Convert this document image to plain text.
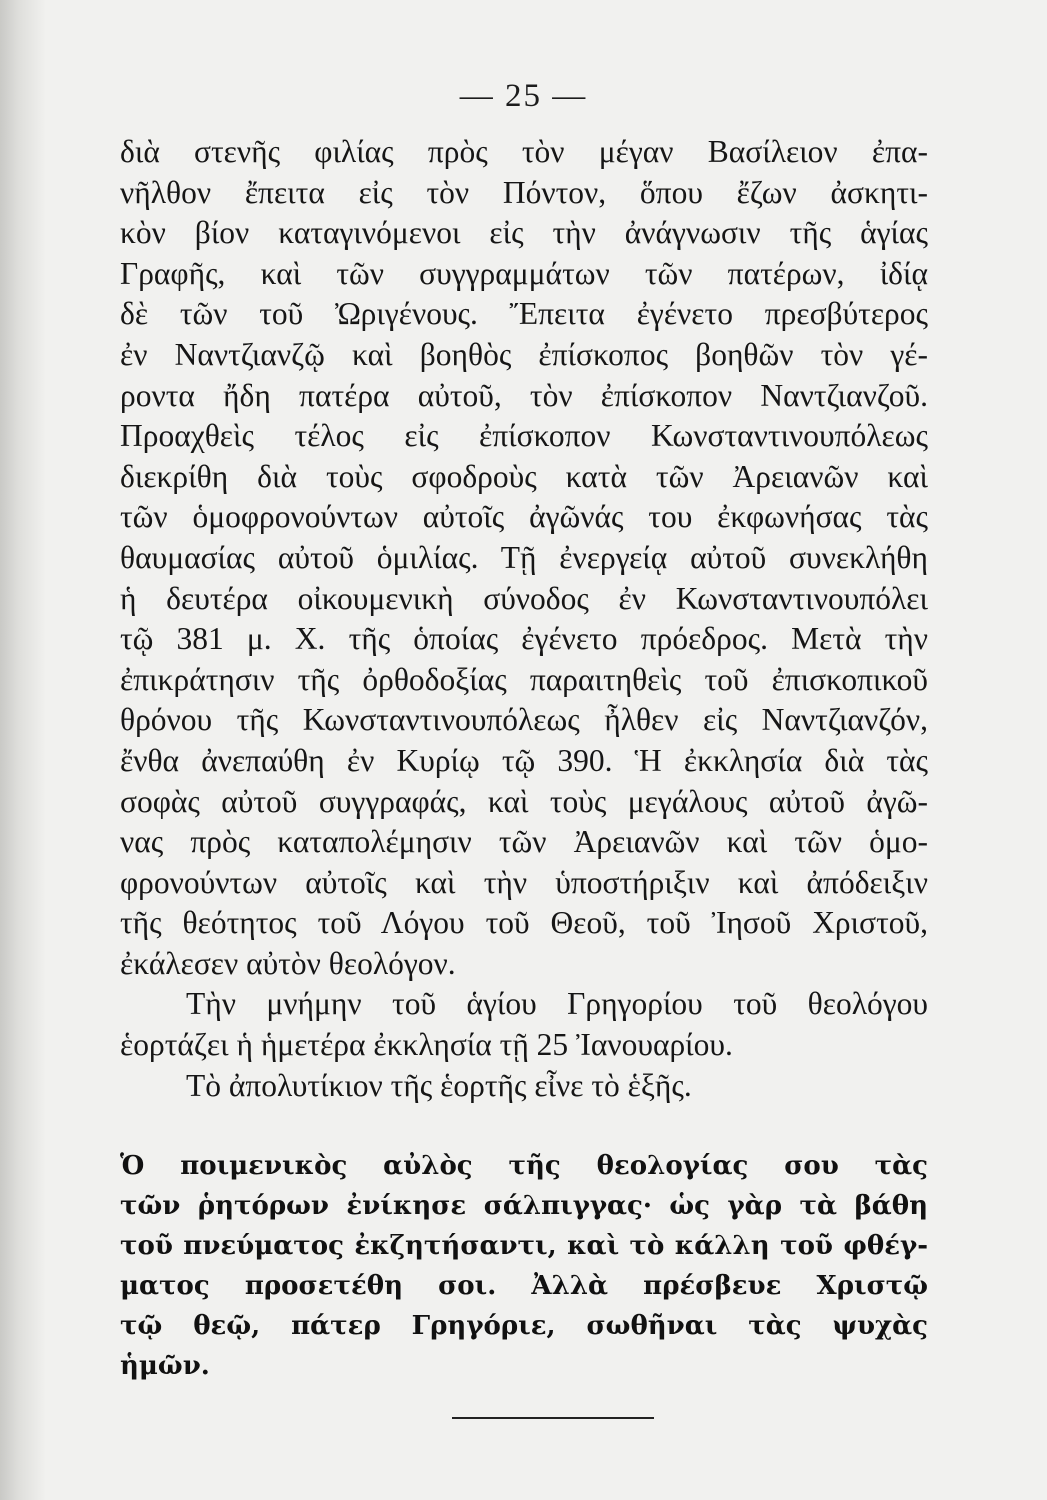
— 25 —
διὰ στενῆς φιλίας πρὸς τὸν μέγαν Βασίλειον ἐπα-
νῆλθον ἔπειτα εἰς τὸν Πόντον, ὅπου ἔζων ἀσκητι-
κὸν βίον καταγινόμενοι εἰς τὴν ἀνάγνωσιν τῆς ἁγίας
Γραφῆς, καὶ τῶν συγγραμμάτων τῶν πατέρων, ἰδίᾳ
δὲ τῶν τοῦ Ὠριγένους. Ἔπειτα ἐγένετο πρεσβύτερος
ἐν Ναντζιανζῷ καὶ βοηθὸς ἐπίσκοπος βοηθῶν τὸν γέ-
ροντα ἤδη πατέρα αὐτοῦ, τὸν ἐπίσκοπον Ναντζιανζοῦ.
Προαχθεὶς τέλος εἰς ἐπίσκοπον Κωνσταντινουπόλεως
διεκρίθη διὰ τοὺς σφοδροὺς κατὰ τῶν Ἀρειανῶν καὶ
τῶν ὁμοφρονούντων αὐτοῖς ἀγῶνάς του ἐκφωνήσας τὰς
θαυμασίας αὐτοῦ ὁμιλίας. Τῇ ἐνεργείᾳ αὐτοῦ συνεκλήθη
ἡ δευτέρα οἰκουμενικὴ σύνοδος ἐν Κωνσταντινουπόλει
τῷ 381 μ. Χ. τῆς ὁποίας ἐγένετο πρόεδρος. Μετὰ τὴν
ἐπικράτησιν τῆς ὀρθοδοξίας παραιτηθεὶς τοῦ ἐπισκοπικοῦ
θρόνου τῆς Κωνσταντινουπόλεως ἦλθεν εἰς Ναντζιανζόν,
ἔνθα ἀνεπαύθη ἐν Κυρίῳ τῷ 390. Ἡ ἐκκλησία διὰ τὰς
σοφὰς αὐτοῦ συγγραφάς, καὶ τοὺς μεγάλους αὐτοῦ ἀγῶ-
νας πρὸς καταπολέμησιν τῶν Ἀρειανῶν καὶ τῶν ὁμο-
φρονούντων αὐτοῖς καὶ τὴν ὑποστήριξιν καὶ ἀπόδειξιν
τῆς θεότητος τοῦ Λόγου τοῦ Θεοῦ, τοῦ Ἰησοῦ Χριστοῦ,
ἐκάλεσεν αὐτὸν θεολόγον.
Τὴν μνήμην τοῦ ἁγίου Γρηγορίου τοῦ θεολόγου
ἑορτάζει ἡ ἡμετέρα ἐκκλησία τῇ 25 Ἰανουαρίου.
Τὸ ἀπολυτίκιον τῆς ἑορτῆς εἶνε τὸ ἑξῆς.
Ὁ ποιμενικὸς αὐλὸς τῆς θεολογίας σου τὰς
τῶν ῥητόρων ἐνίκησε σάλπιγγας· ὡς γὰρ τὰ βάθη
τοῦ πνεύματος ἐκζητήσαντι, καὶ τὸ κάλλη τοῦ φθέγ-
ματος προσετέθη σοι. Ἀλλὰ πρέσβευε Χριστῷ
τῷ θεῷ, πάτερ Γρηγόριε, σωθῆναι τὰς ψυχὰς
ἡμῶν.
